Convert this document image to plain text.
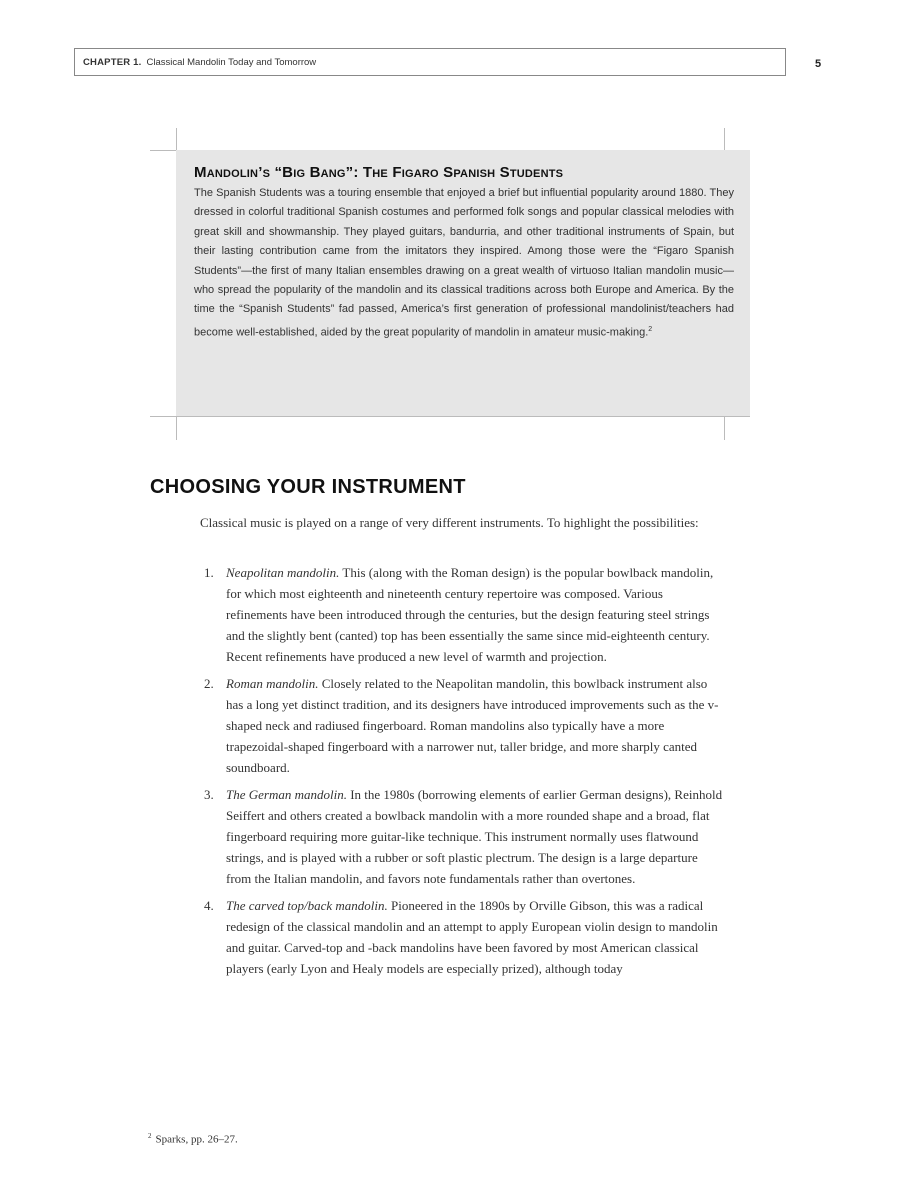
CHAPTER 1. Classical Mandolin Today and Tomorrow	5
Mandolin’s “Big Bang”: The Figaro Spanish Students

The Spanish Students was a touring ensemble that enjoyed a brief but influential popularity around 1880. They dressed in colorful traditional Spanish costumes and performed folk songs and popular classical melodies with great skill and showmanship. They played guitars, bandurria, and other traditional instruments of Spain, but their lasting contribution came from the imitators they inspired. Among those were the “Figaro Spanish Students”—the first of many Italian ensembles drawing on a great wealth of virtuoso Italian mandolin music—who spread the popularity of the mandolin and its classical traditions across both Europe and America. By the time the “Spanish Students” fad passed, America’s first generation of professional mandolinist/teachers had become well-established, aided by the great popularity of mandolin in amateur music-making.$^2$

CHOOSING YOUR INSTRUMENT

Classical music is played on a range of very different instruments. To highlight the possibilities:

1. Neapolitan mandolin. This (along with the Roman design) is the popular bowlback mandolin, for which most eighteenth and nineteenth century repertoire was composed. Various refinements have been introduced through the centuries, but the design featuring steel strings and the slightly bent (canted) top has been essentially the same since mid-eighteenth century. Recent refinements have produced a new level of warmth and projection.
2. Roman mandolin. Closely related to the Neapolitan mandolin, this bowlback instrument also has a long yet distinct tradition, and its designers have introduced improvements such as the v-shaped neck and radiused fingerboard. Roman mandolins also typically have a more trapezoidal-shaped fingerboard with a narrower nut, taller bridge, and more sharply canted soundboard.
3. The German mandolin. In the 1980s (borrowing elements of earlier German designs), Reinhold Seiffert and others created a bowlback mandolin with a more rounded shape and a broad, flat fingerboard requiring more guitar-like technique. This instrument normally uses flatwound strings, and is played with a rubber or soft plastic plectrum. The design is a large departure from the Italian mandolin, and favors note fundamentals rather than overtones.
4. The carved top/back mandolin. Pioneered in the 1890s by Orville Gibson, this was a radical redesign of the classical mandolin and an attempt to apply European violin design to mandolin and guitar. Carved-top and -back mandolins have been favored by most American classical players (early Lyon and Healy models are especially prized), although today
$^2$ Sparks, pp. 26–27.
